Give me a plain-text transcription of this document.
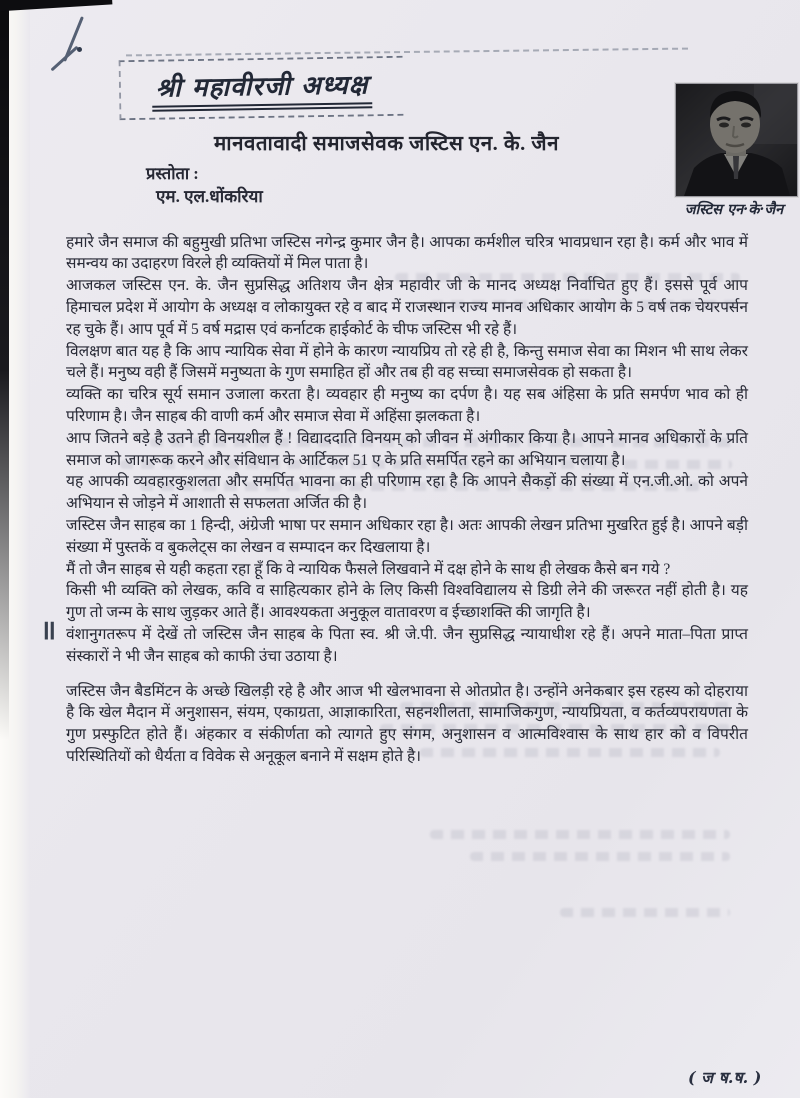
श्री महावीरजी अध्यक्ष
जस्टिस एन·के·जैन
मानवतावादी समाजसेवक जस्टिस एन. के. जैन
प्रस्तोता :
एम. एल.धोंकरिया

हमारे जैन समाज की बहुमुखी प्रतिभा जस्टिस नगेन्द्र कुमार जैन है। आपका कर्मशील चरित्र भावप्रधान रहा है। कर्म और भाव में समन्वय का उदाहरण विरले ही व्यक्तियों में मिल पाता है।

आजकल जस्टिस एन. के. जैन सुप्रसिद्ध अतिशय जैन क्षेत्र महावीर जी के मानद अध्यक्ष निर्वाचित हुए हैं। इससे पूर्व आप हिमाचल प्रदेश में आयोग के अध्यक्ष व लोकायुक्त रहे व बाद में राजस्थान राज्य मानव अधिकार आयोग के 5 वर्ष तक चेयरपर्सन रह चुके हैं। आप पूर्व में 5 वर्ष मद्रास एवं कर्नाटक हाईकोर्ट के चीफ जस्टिस भी रहे हैं।

विलक्षण बात यह है कि आप न्यायिक सेवा में होने के कारण न्यायप्रिय तो रहे ही है, किन्तु समाज सेवा का मिशन भी साथ लेकर चले हैं। मनुष्य वही हैं जिसमें मनुष्यता के गुण समाहित हों और तब ही वह सच्चा समाजसेवक हो सकता है।

व्यक्ति का चरित्र सूर्य समान उजाला करता है। व्यवहार ही मनुष्य का दर्पण है। यह सब अंहिसा के प्रति समर्पण भाव को ही परिणाम है। जैन साहब की वाणी कर्म और समाज सेवा में अहिंसा झलकता है।

आप जितने बड़े है उतने ही विनयशील हैं ! विद्याददाति विनयम् को जीवन में अंगीकार किया है। आपने मानव अधिकारों के प्रति समाज को जागरूक करने और संविधान के आर्टिकल 51 ए के प्रति समर्पित रहने का अभियान चलाया है।

यह आपकी व्यवहारकुशलता और समर्पित भावना का ही परिणाम रहा है कि आपने सैकड़ों की संख्या में एन.जी.ओ. को अपने अभियान से जोड़ने में आशाती से सफलता अर्जित की है।

जस्टिस जैन साहब का 1 हिन्दी, अंग्रेजी भाषा पर समान अधिकार रहा है। अतः आपकी लेखन प्रतिभा मुखरित हुई है। आपने बड़ी संख्या में पुस्तकें व बुकलेट्स का लेखन व सम्पादन कर दिखलाया है।

मैं तो जैन साहब से यही कहता रहा हूँ कि वे न्यायिक फैसले लिखवाने में दक्ष होने के साथ ही लेखक कैसे बन गये ?

किसी भी व्यक्ति को लेखक, कवि व साहित्यकार होने के लिए किसी विश्वविद्यालय से डिग्री लेने की जरूरत नहीं होती है। यह गुण तो जन्म के साथ जुड़कर आते हैं। आवश्यकता अनुकूल वातावरण व ईच्छाशक्ति की जागृति है।

॥ वंशानुगतरूप में देखें तो जस्टिस जैन साहब के पिता स्व. श्री जे.पी. जैन सुप्रसिद्ध न्यायाधीश रहे हैं। अपने माता–पिता प्राप्त संस्कारों ने भी जैन साहब को काफी उंचा उठाया है।

जस्टिस जैन बैडमिंटन के अच्छे खिलड़ी रहे है और आज भी खेलभावना से ओतप्रोत है। उन्होंने अनेकबार इस रहस्य को दोहराया है कि खेल मैदान में अनुशासन, संयम, एकाग्रता, आज्ञाकारिता, सहनशीलता, सामाजिकगुण, न्यायप्रियता, व कर्तव्यपरायणता के गुण प्रस्फुटित होते हैं। अंहकार व संकीर्णता को त्यागते हुए संगम, अनुशासन व आत्मविश्वास के साथ हार को व विपरीत परिस्थितियों को धैर्यता व विवेक से अनूकूल बनाने में सक्षम होते है।

( ज ष.ष. )
